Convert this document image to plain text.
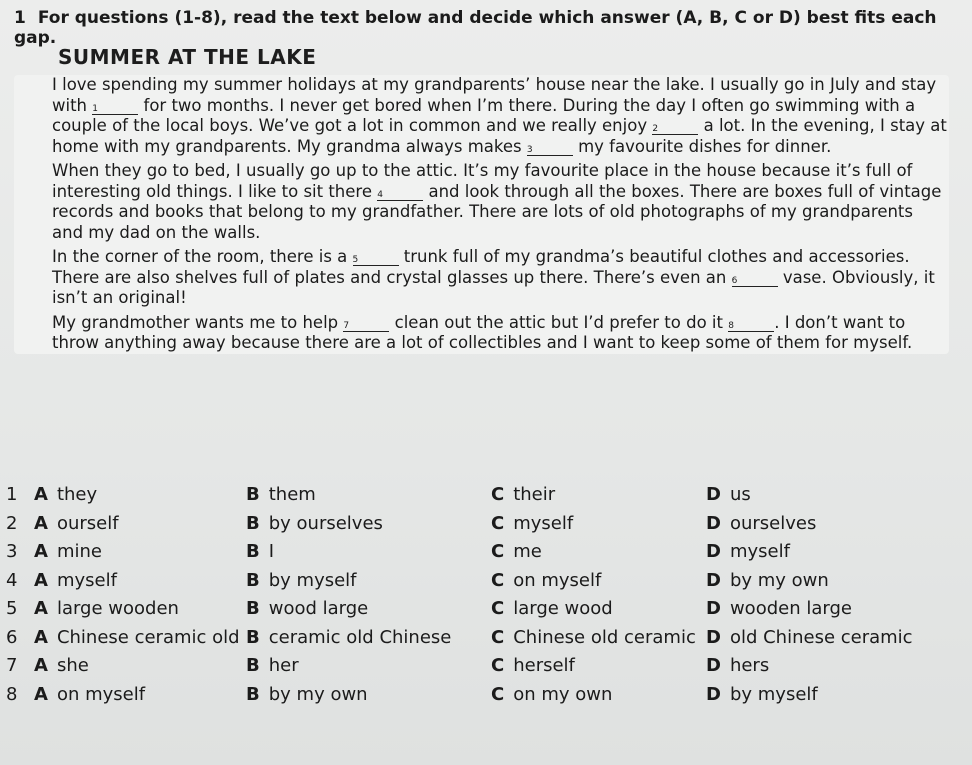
1 For questions (1-8), read the text below and decide which answer (A, B, C or D) best fits each gap.
SUMMER AT THE LAKE

I love spending my summer holidays at my grandparents’ house near the lake. I usually go in July and stay with 1 for two months. I never get bored when I’m there. During the day I often go swimming with a couple of the local boys. We’ve got a lot in common and we really enjoy 2 a lot. In the evening, I stay at home with my grandparents. My grandma always makes 3 my favourite dishes for dinner.

When they go to bed, I usually go up to the attic. It’s my favourite place in the house because it’s full of interesting old things. I like to sit there 4 and look through all the boxes. There are boxes full of vintage records and books that belong to my grandfather. There are lots of old photographs of my grandparents and my dad on the walls.

In the corner of the room, there is a 5 trunk full of my grandma’s beautiful clothes and accessories. There are also shelves full of plates and crystal glasses up there. There’s even an 6 vase. Obviously, it isn’t an original!

My grandmother wants me to help 7 clean out the attic but I’d prefer to do it 8 . I don’t want to throw anything away because there are a lot of collectibles and I want to keep some of them for myself.

1 A they	B them	C their	D us
2 A ourself	B by ourselves	C myself	D ourselves
3 A mine	B I	C me	D myself
4 A myself	B by myself	C on myself	D by my own
5 A large wooden	B wood large	C large wood	D wooden large
6 A Chinese ceramic old B ceramic old Chinese C Chinese old ceramic D old Chinese ceramic
7 A she	B her	C herself	D hers
8 A on myself	B by my own	C on my own	D by myself
